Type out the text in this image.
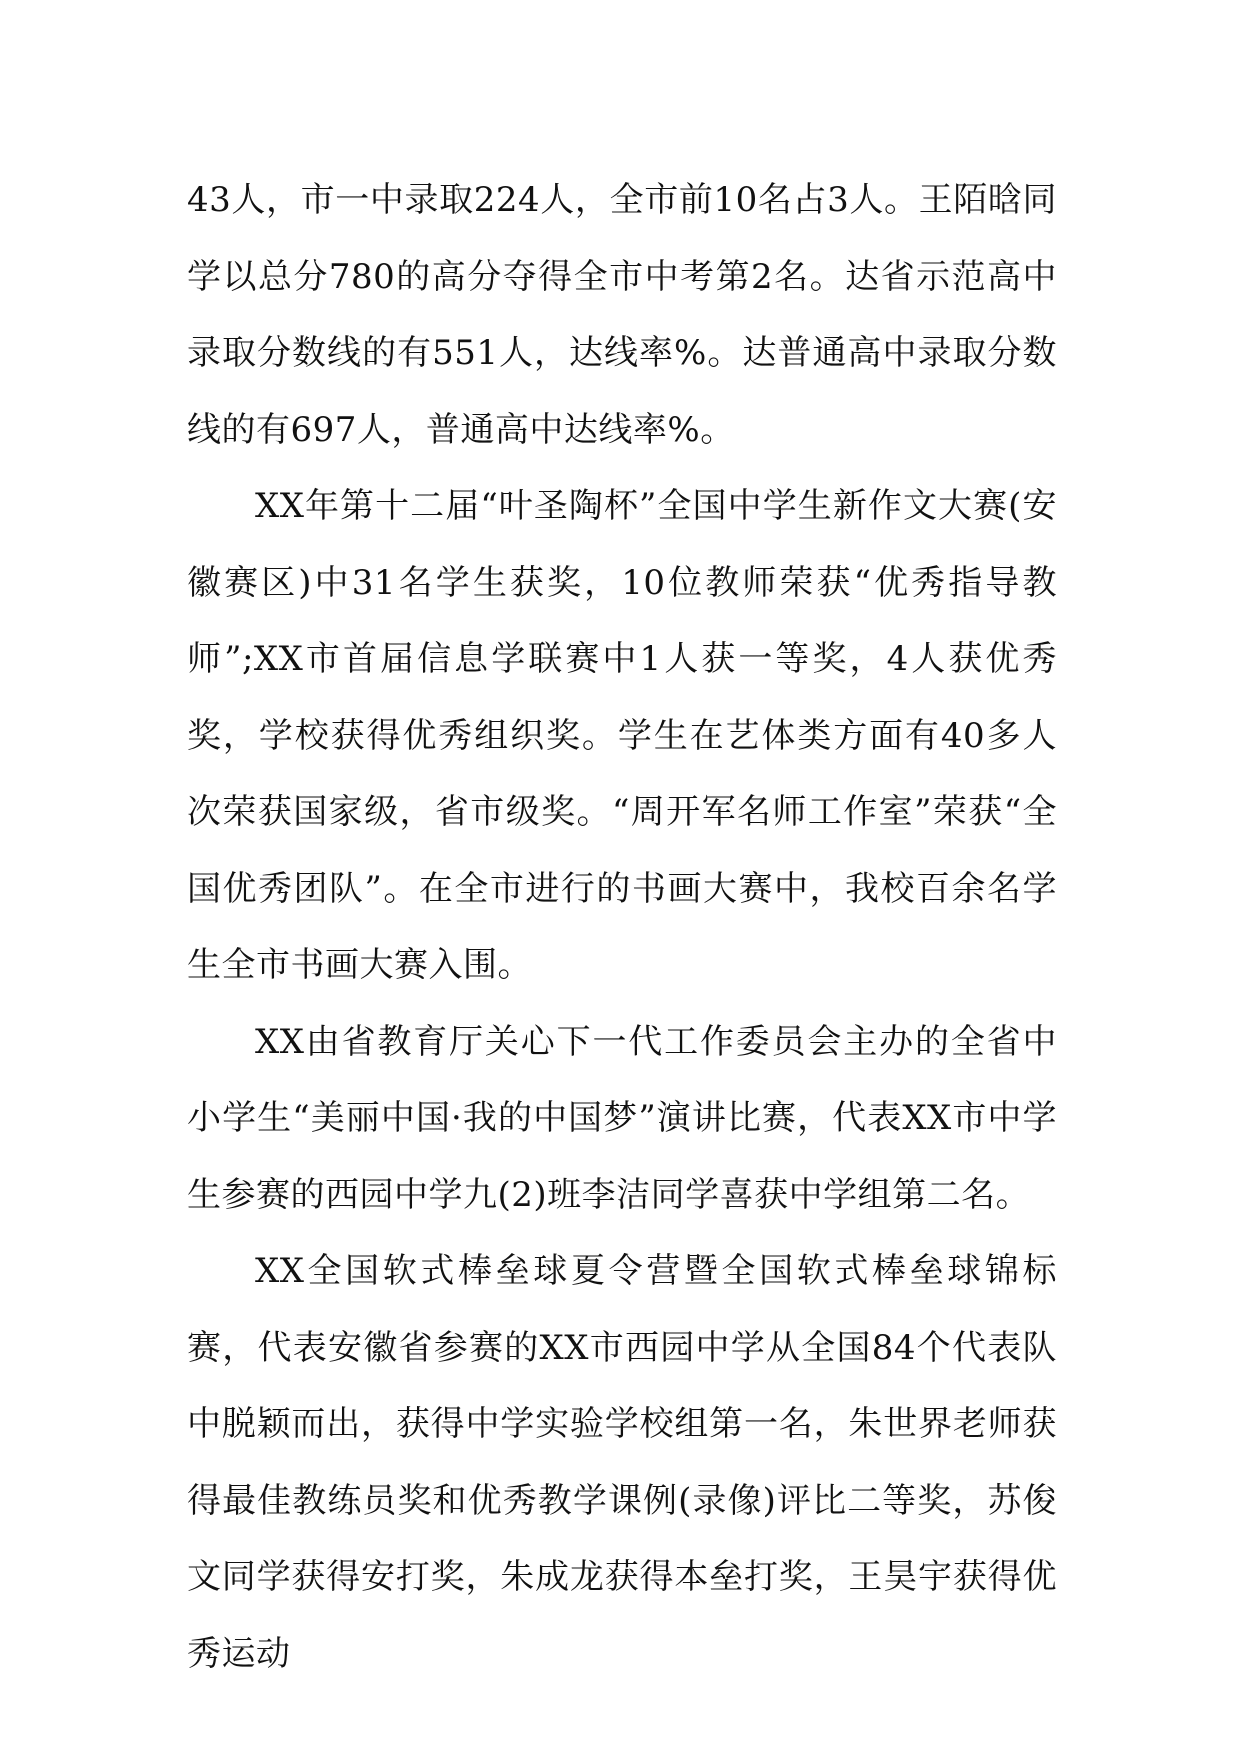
43人，市一中录取224人，全市前10名占3人。王陌晗同学以总分780的高分夺得全市中考第2名。达省示范高中录取分数线的有551人，达线率%。达普通高中录取分数线的有697人，普通高中达线率%。

XX年第十二届“叶圣陶杯”全国中学生新作文大赛(安徽赛区)中31名学生获奖，10位教师荣获“优秀指导教师”;XX市首届信息学联赛中1人获一等奖，4人获优秀奖，学校获得优秀组织奖。学生在艺体类方面有40多人次荣获国家级，省市级奖。“周开军名师工作室”荣获“全国优秀团队”。在全市进行的书画大赛中，我校百余名学生全市书画大赛入围。

XX由省教育厅关心下一代工作委员会主办的全省中小学生“美丽中国·我的中国梦”演讲比赛，代表XX市中学生参赛的西园中学九(2)班李洁同学喜获中学组第二名。

XX全国软式棒垒球夏令营暨全国软式棒垒球锦标赛，代表安徽省参赛的XX市西园中学从全国84个代表队中脱颖而出，获得中学实验学校组第一名，朱世界老师获得最佳教练员奖和优秀教学课例(录像)评比二等奖，苏俊文同学获得安打奖，朱成龙获得本垒打奖，王昊宇获得优秀运动
